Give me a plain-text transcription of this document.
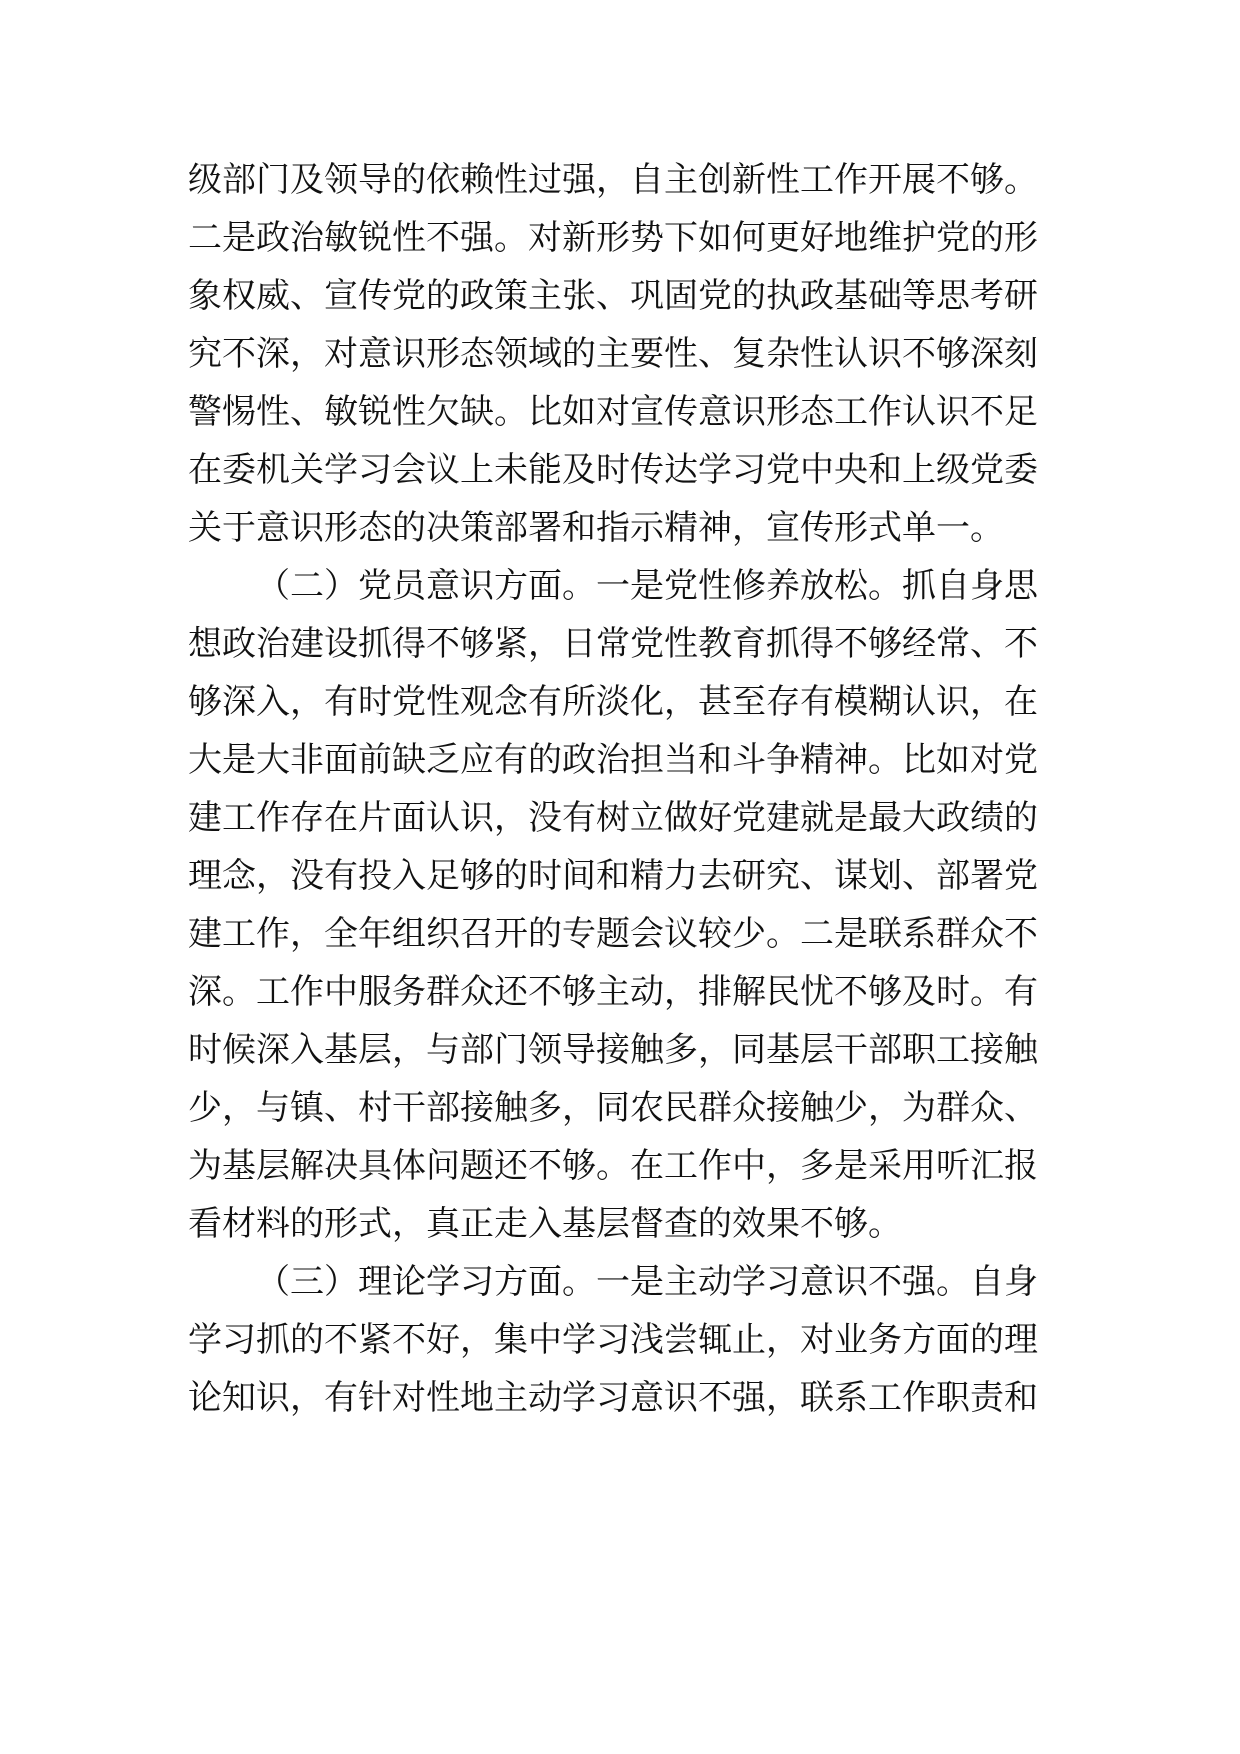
级部门及领导的依赖性过强，自主创新性工作开展不够。
二是政治敏锐性不强。对新形势下如何更好地维护党的形
象权威、宣传党的政策主张、巩固党的执政基础等思考研
究不深，对意识形态领域的主要性、复杂性认识不够深刻
警惕性、敏锐性欠缺。比如对宣传意识形态工作认识不足
在委机关学习会议上未能及时传达学习党中央和上级党委
关于意识形态的决策部署和指示精神，宣传形式单一。
（二）党员意识方面。一是党性修养放松。抓自身思
想政治建设抓得不够紧，日常党性教育抓得不够经常、不
够深入，有时党性观念有所淡化，甚至存有模糊认识，在
大是大非面前缺乏应有的政治担当和斗争精神。比如对党
建工作存在片面认识，没有树立做好党建就是最大政绩的
理念，没有投入足够的时间和精力去研究、谋划、部署党
建工作，全年组织召开的专题会议较少。二是联系群众不
深。工作中服务群众还不够主动，排解民忧不够及时。有
时候深入基层，与部门领导接触多，同基层干部职工接触
少，与镇、村干部接触多，同农民群众接触少，为群众、
为基层解决具体问题还不够。在工作中，多是采用听汇报
看材料的形式，真正走入基层督查的效果不够。
（三）理论学习方面。一是主动学习意识不强。自身
学习抓的不紧不好，集中学习浅尝辄止，对业务方面的理
论知识，有针对性地主动学习意识不强，联系工作职责和
